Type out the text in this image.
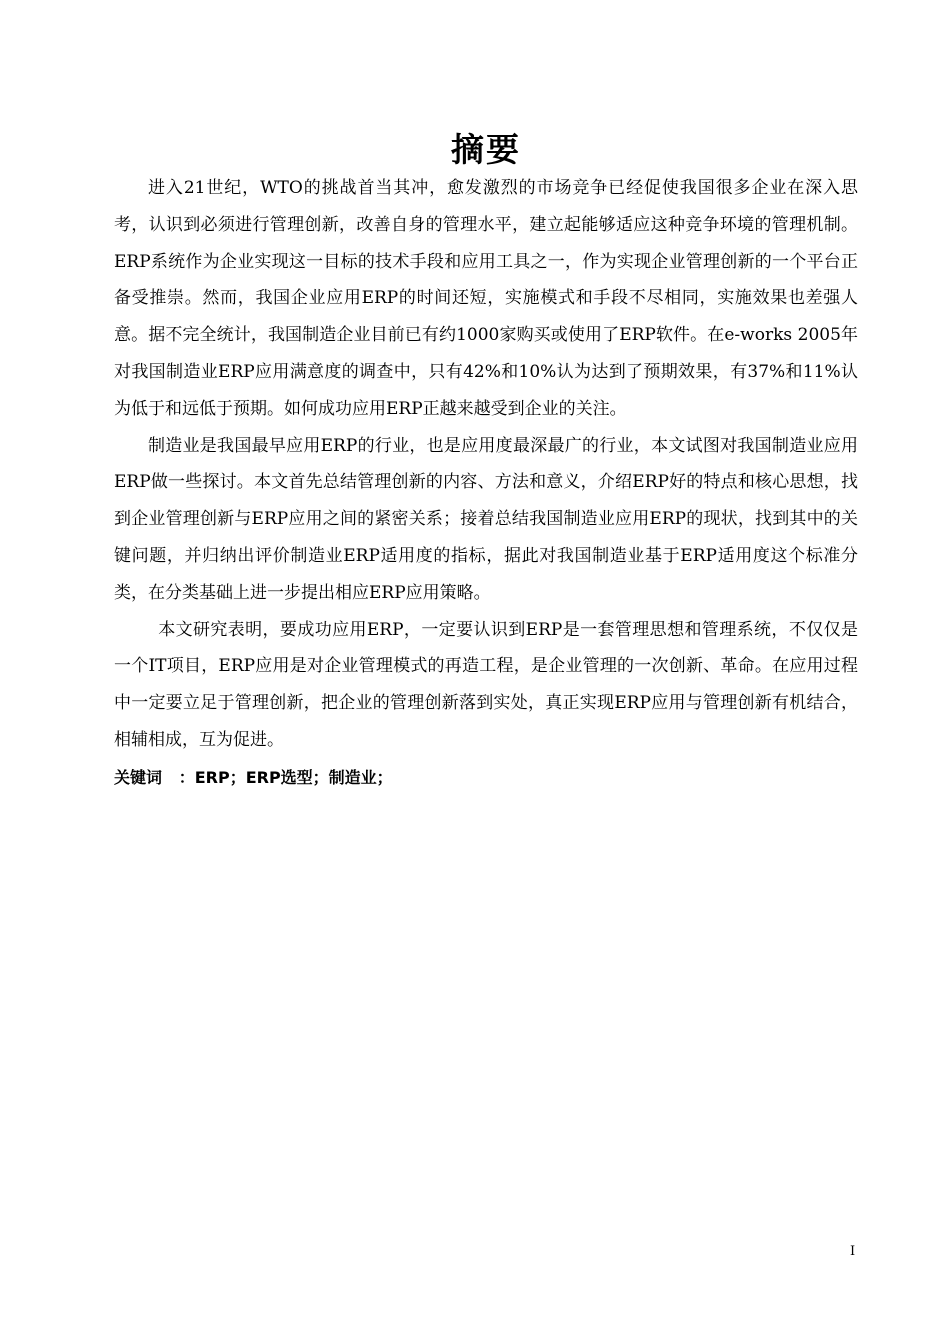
摘要

进入21世纪，WTO的挑战首当其冲，愈发激烈的市场竞争已经促使我国很多企业在深入思考，认识到必须进行管理创新，改善自身的管理水平，建立起能够适应这种竞争环境的管理机制。ERP系统作为企业实现这一目标的技术手段和应用工具之一，作为实现企业管理创新的一个平台正备受推崇。然而，我国企业应用ERP的时间还短，实施模式和手段不尽相同，实施效果也差强人意。据不完全统计，我国制造企业目前已有约1000家购买或使用了ERP软件。在e-works 2005年对我国制造业ERP应用满意度的调查中，只有42%和10%认为达到了预期效果，有37%和11%认为低于和远低于预期。如何成功应用ERP正越来越受到企业的关注。

制造业是我国最早应用ERP的行业，也是应用度最深最广的行业，本文试图对我国制造业应用ERP做一些探讨。本文首先总结管理创新的内容、方法和意义，介绍ERP好的特点和核心思想，找到企业管理创新与ERP应用之间的紧密关系；接着总结我国制造业应用ERP的现状，找到其中的关键问题，并归纳出评价制造业ERP适用度的指标，据此对我国制造业基于ERP适用度这个标准分类，在分类基础上进一步提出相应ERP应用策略。

本文研究表明，要成功应用ERP，一定要认识到ERP是一套管理思想和管理系统，不仅仅是一个IT项目，ERP应用是对企业管理模式的再造工程，是企业管理的一次创新、革命。在应用过程中一定要立足于管理创新，把企业的管理创新落到实处，真正实现ERP应用与管理创新有机结合，相辅相成，互为促进。

关键词   ：ERP；ERP选型；制造业；

I
